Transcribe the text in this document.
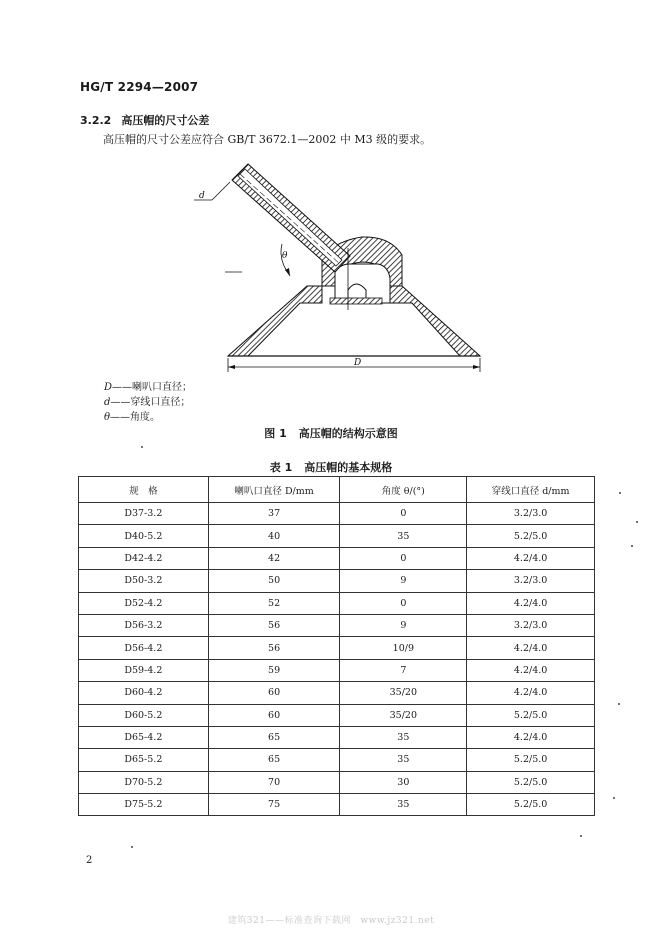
HG/T 2294—2007
3.2.2 高压帽的尺寸公差
高压帽的尺寸公差应符合 GB/T 3672.1—2002 中 M3 级的要求。
D
d
θ
D——喇叭口直径；
d——穿线口直径；
θ——角度。
图 1 高压帽的结构示意图
表 1 高压帽的基本规格
规　格	喇叭口直径 D/mm	角度 θ/(°)	穿线口直径 d/mm
D37-3.2	37	0	3.2/3.0
D40-5.2	40	35	5.2/5.0
D42-4.2	42	0	4.2/4.0
D50-3.2	50	9	3.2/3.0
D52-4.2	52	0	4.2/4.0
D56-3.2	56	9	3.2/3.0
D56-4.2	56	10/9	4.2/4.0
D59-4.2	59	7	4.2/4.0
D60-4.2	60	35/20	4.2/4.0
D60-5.2	60	35/20	5.2/5.0
D65-4.2	65	35	4.2/4.0
D65-5.2	65	35	5.2/5.0
D70-5.2	70	30	5.2/5.0
D75-5.2	75	35	5.2/5.0
2
建筑321——标准查询下载网　www.jz321.net
